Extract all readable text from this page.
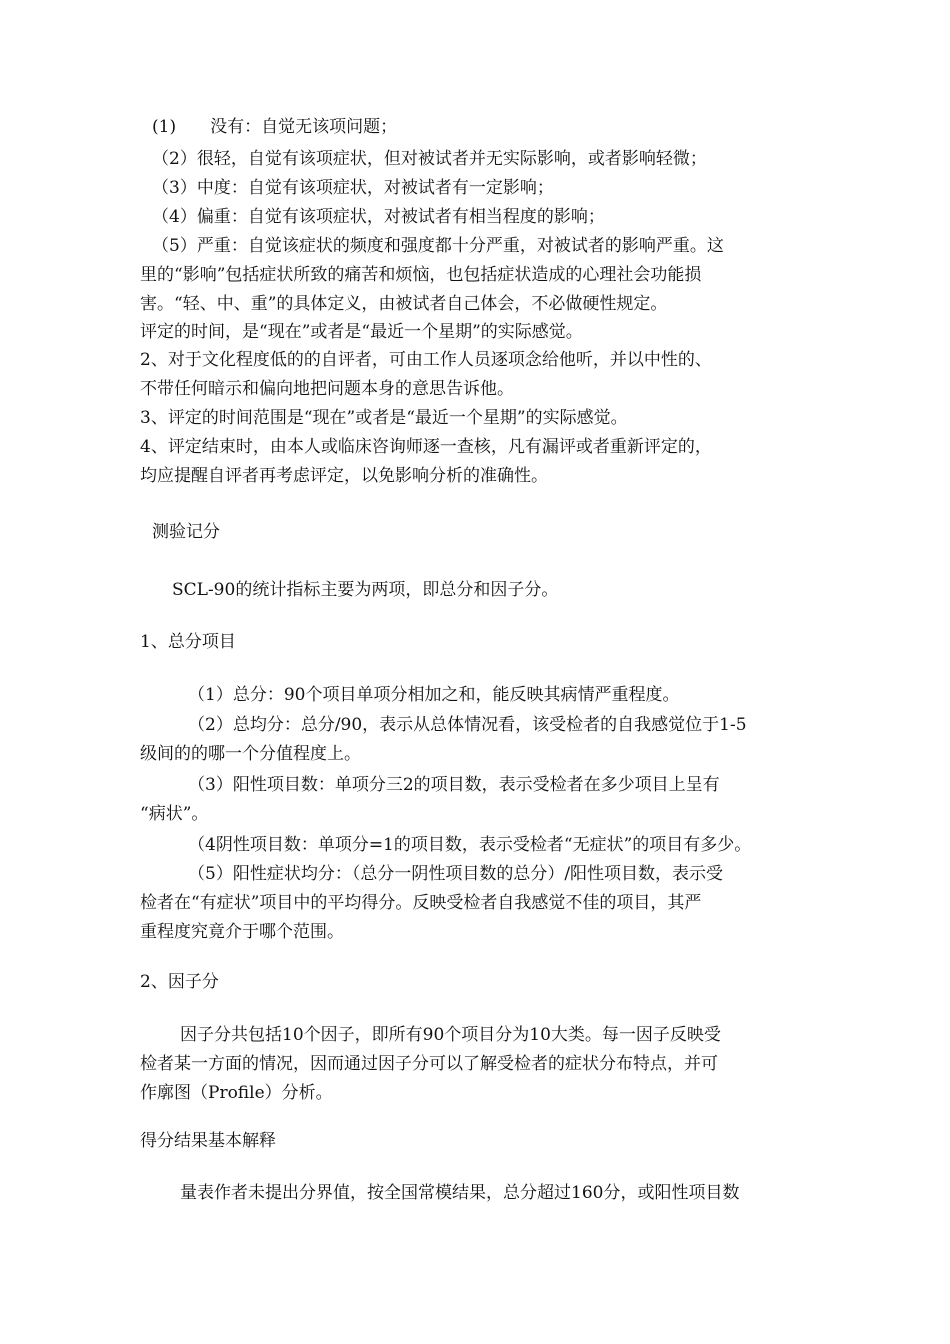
(1)　　没有：自觉无该项问题；
（2）很轻，自觉有该项症状，但对被试者并无实际影响，或者影响轻微；
（3）中度：自觉有该项症状，对被试者有一定影响；
（4）偏重：自觉有该项症状，对被试者有相当程度的影响；
（5）严重：自觉该症状的频度和强度都十分严重，对被试者的影响严重。这
里的“影响”包括症状所致的痛苦和烦恼，也包括症状造成的心理社会功能损
害。“轻、中、重”的具体定义，由被试者自己体会，不必做硬性规定。
评定的时间，是“现在”或者是“最近一个星期”的实际感觉。
2、对于文化程度低的的自评者，可由工作人员逐项念给他听，并以中性的、
不带任何暗示和偏向地把问题本身的意思告诉他。
3、评定的时间范围是“现在”或者是“最近一个星期”的实际感觉。
4、评定结束时，由本人或临床咨询师逐一查核，凡有漏评或者重新评定的，
均应提醒自评者再考虑评定，以免影响分析的准确性。
测验记分
SCL-90的统计指标主要为两项，即总分和因子分。
1、总分项目
（1）总分：90个项目单项分相加之和，能反映其病情严重程度。
（2）总均分：总分/90，表示从总体情况看，该受检者的自我感觉位于1-5
级间的的哪一个分值程度上。
（3）阳性项目数：单项分三2的项目数，表示受检者在多少项目上呈有
“病状”。
（4阴性项目数：单项分=1的项目数，表示受检者“无症状”的项目有多少。
（5）阳性症状均分：（总分一阴性项目数的总分）/阳性项目数，表示受
检者在“有症状”项目中的平均得分。反映受检者自我感觉不佳的项目，其严
重程度究竟介于哪个范围。
2、因子分
因子分共包括10个因子，即所有90个项目分为10大类。每一因子反映受
检者某一方面的情况，因而通过因子分可以了解受检者的症状分布特点，并可
作廓图（Profile）分析。
得分结果基本解释
量表作者未提出分界值，按全国常模结果，总分超过160分，或阳性项目数
